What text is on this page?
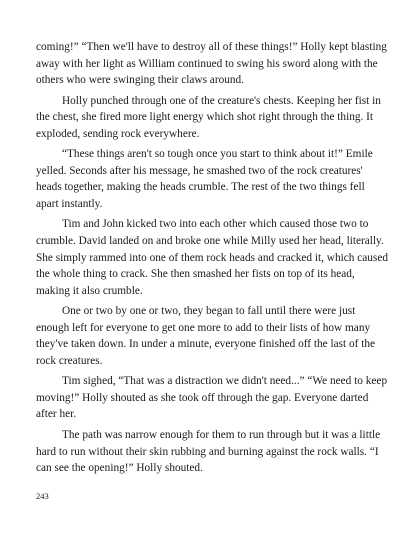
coming!” “Then we'll have to destroy all of these things!” Holly kept blasting away with her light as William continued to swing his sword along with the others who were swinging their claws around.

Holly punched through one of the creature's chests. Keeping her fist in the chest, she fired more light energy which shot right through the thing. It exploded, sending rock everywhere.

“These things aren't so tough once you start to think about it!” Emile yelled. Seconds after his message, he smashed two of the rock creatures' heads together, making the heads crumble. The rest of the two things fell apart instantly.

Tim and John kicked two into each other which caused those two to crumble. David landed on and broke one while Milly used her head, literally. She simply rammed into one of them rock heads and cracked it, which caused the whole thing to crack. She then smashed her fists on top of its head, making it also crumble.

One or two by one or two, they began to fall until there were just enough left for everyone to get one more to add to their lists of how many they've taken down. In under a minute, everyone finished off the last of the rock creatures.

Tim sighed, “That was a distraction we didn't need...” “We need to keep moving!” Holly shouted as she took off through the gap. Everyone darted after her.

The path was narrow enough for them to run through but it was a little hard to run without their skin rubbing and burning against the rock walls. “I can see the opening!” Holly shouted.

243
